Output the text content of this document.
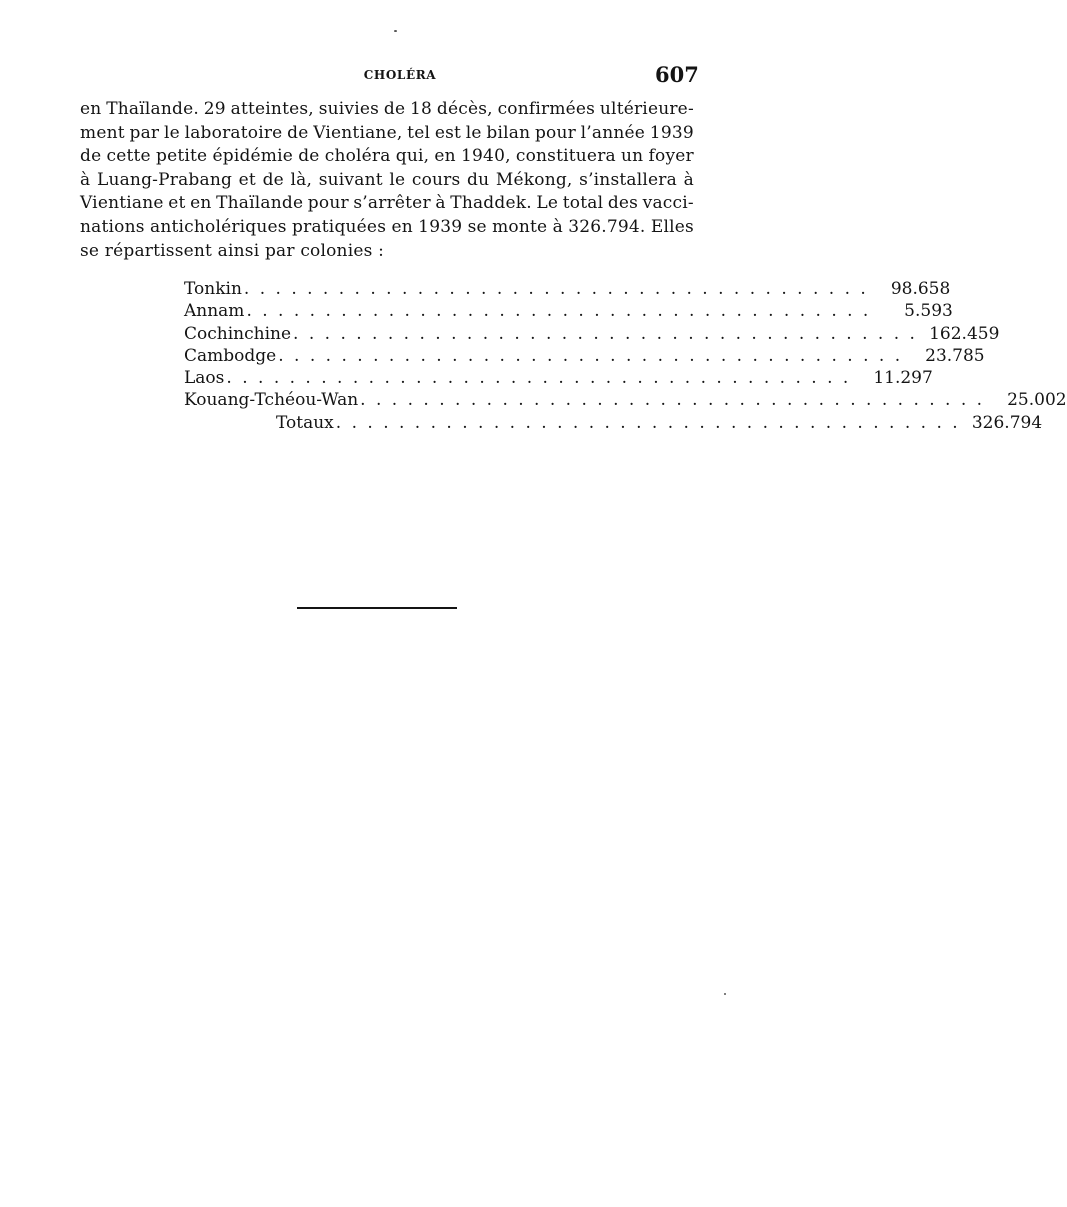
CHOLÉRA	607
en Thaïlande. 29 atteintes, suivies de 18 décès, confirmées ultérieure-
ment par le laboratoire de Vientiane, tel est le bilan pour l’année 1939
de cette petite épidémie de choléra qui, en 1940, constituera un foyer
à Luang-Prabang et de là, suivant le cours du Mékong, s’installera à
Vientiane et en Thaïlande pour s’arrêter à Thaddek. Le total des vacci-
nations anticholériques pratiquées en 1939 se monte à 326.794. Elles
se répartissent ainsi par colonies :
Tonkin . . . . . . . . . . . . . . . . . . . . . . . . . . . . . . . . . . . . . . . .	98.658
Annam . . . . . . . . . . . . . . . . . . . . . . . . . . . . . . . . . . . . . . . .	5.593
Cochinchine . . . . . . . . . . . . . . . . . . . . . . . . . . . . . . . . . . . . . . . . 162.459
Cambodge . . . . . . . . . . . . . . . . . . . . . . . . . . . . . . . . . . . . . . . .	23.785
Laos . . . . . . . . . . . . . . . . . . . . . . . . . . . . . . . . . . . . . . . .	11.297
Kouang-Tchéou-Wan . . . . . . . . . . . . . . . . . . . . . . . . . . . . . . . . . . . . . . . .	25.002
Totaux . . . . . . . . . . . . . . . . . . . . . . . . . . . . . . . . . . . . . . . . 326.794
